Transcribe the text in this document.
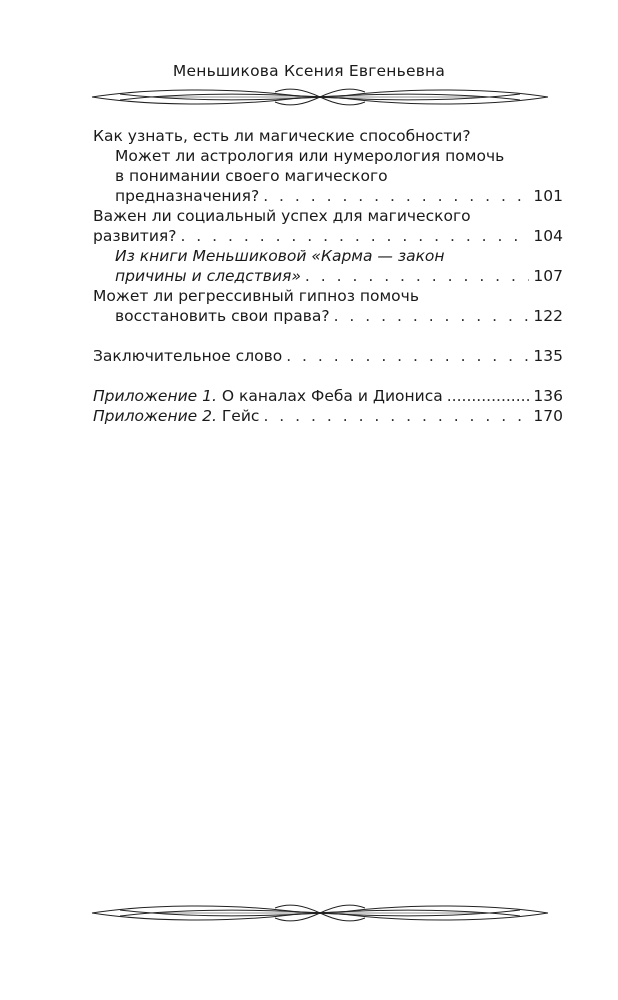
Меньшикова Ксения Евгеньевна
Как узнать, есть ли магические способности?
Может ли астрология или нумерология помочь
в понимании своего магического
предназначения? . . .	101
Важен ли социальный успех для магического
развития? . . .	104
Из книги Меньшиковой «Карма — закон
причины и следствия» . . .	107
Может ли регрессивный гипноз помочь
восстановить свои права? . . .	122
Заключительное слово . . .	135
Приложение 1. О каналах Феба и Диониса .....	136
Приложение 2. Гейс . . .	170
